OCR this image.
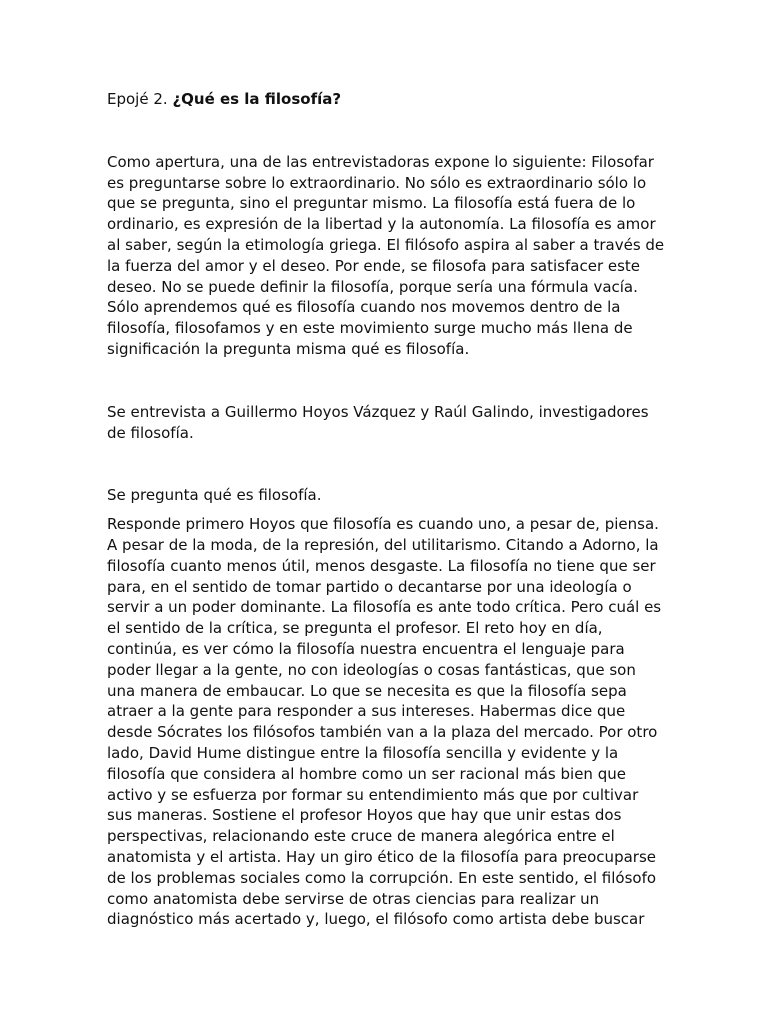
Epojé 2. ¿Qué es la filosofía?

Como apertura, una de las entrevistadoras expone lo siguiente: Filosofar es preguntarse sobre lo extraordinario. No sólo es extraordinario sólo lo que se pregunta, sino el preguntar mismo. La filosofía está fuera de lo ordinario, es expresión de la libertad y la autonomía. La filosofía es amor al saber, según la etimología griega. El filósofo aspira al saber a través de la fuerza del amor y el deseo. Por ende, se filosofa para satisfacer este deseo. No se puede definir la filosofía, porque sería una fórmula vacía. Sólo aprendemos qué es filosofía cuando nos movemos dentro de la filosofía, filosofamos y en este movimiento surge mucho más llena de significación la pregunta misma qué es filosofía.

Se entrevista a Guillermo Hoyos Vázquez y Raúl Galindo, investigadores de filosofía.

Se pregunta qué es filosofía.

Responde primero Hoyos que filosofía es cuando uno, a pesar de, piensa. A pesar de la moda, de la represión, del utilitarismo. Citando a Adorno, la filosofía cuanto menos útil, menos desgaste. La filosofía no tiene que ser para, en el sentido de tomar partido o decantarse por una ideología o servir a un poder dominante. La filosofía es ante todo crítica. Pero cuál es el sentido de la crítica, se pregunta el profesor. El reto hoy en día, continúa, es ver cómo la filosofía nuestra encuentra el lenguaje para poder llegar a la gente, no con ideologías o cosas fantásticas, que son una manera de embaucar. Lo que se necesita es que la filosofía sepa atraer a la gente para responder a sus intereses. Habermas dice que desde Sócrates los filósofos también van a la plaza del mercado. Por otro lado, David Hume distingue entre la filosofía sencilla y evidente y la filosofía que considera al hombre como un ser racional más bien que activo y se esfuerza por formar su entendimiento más que por cultivar sus maneras. Sostiene el profesor Hoyos que hay que unir estas dos perspectivas, relacionando este cruce de manera alegórica entre el anatomista y el artista. Hay un giro ético de la filosofía para preocuparse de los problemas sociales como la corrupción. En este sentido, el filósofo como anatomista debe servirse de otras ciencias para realizar un diagnóstico más acertado y, luego, el filósofo como artista debe buscar
